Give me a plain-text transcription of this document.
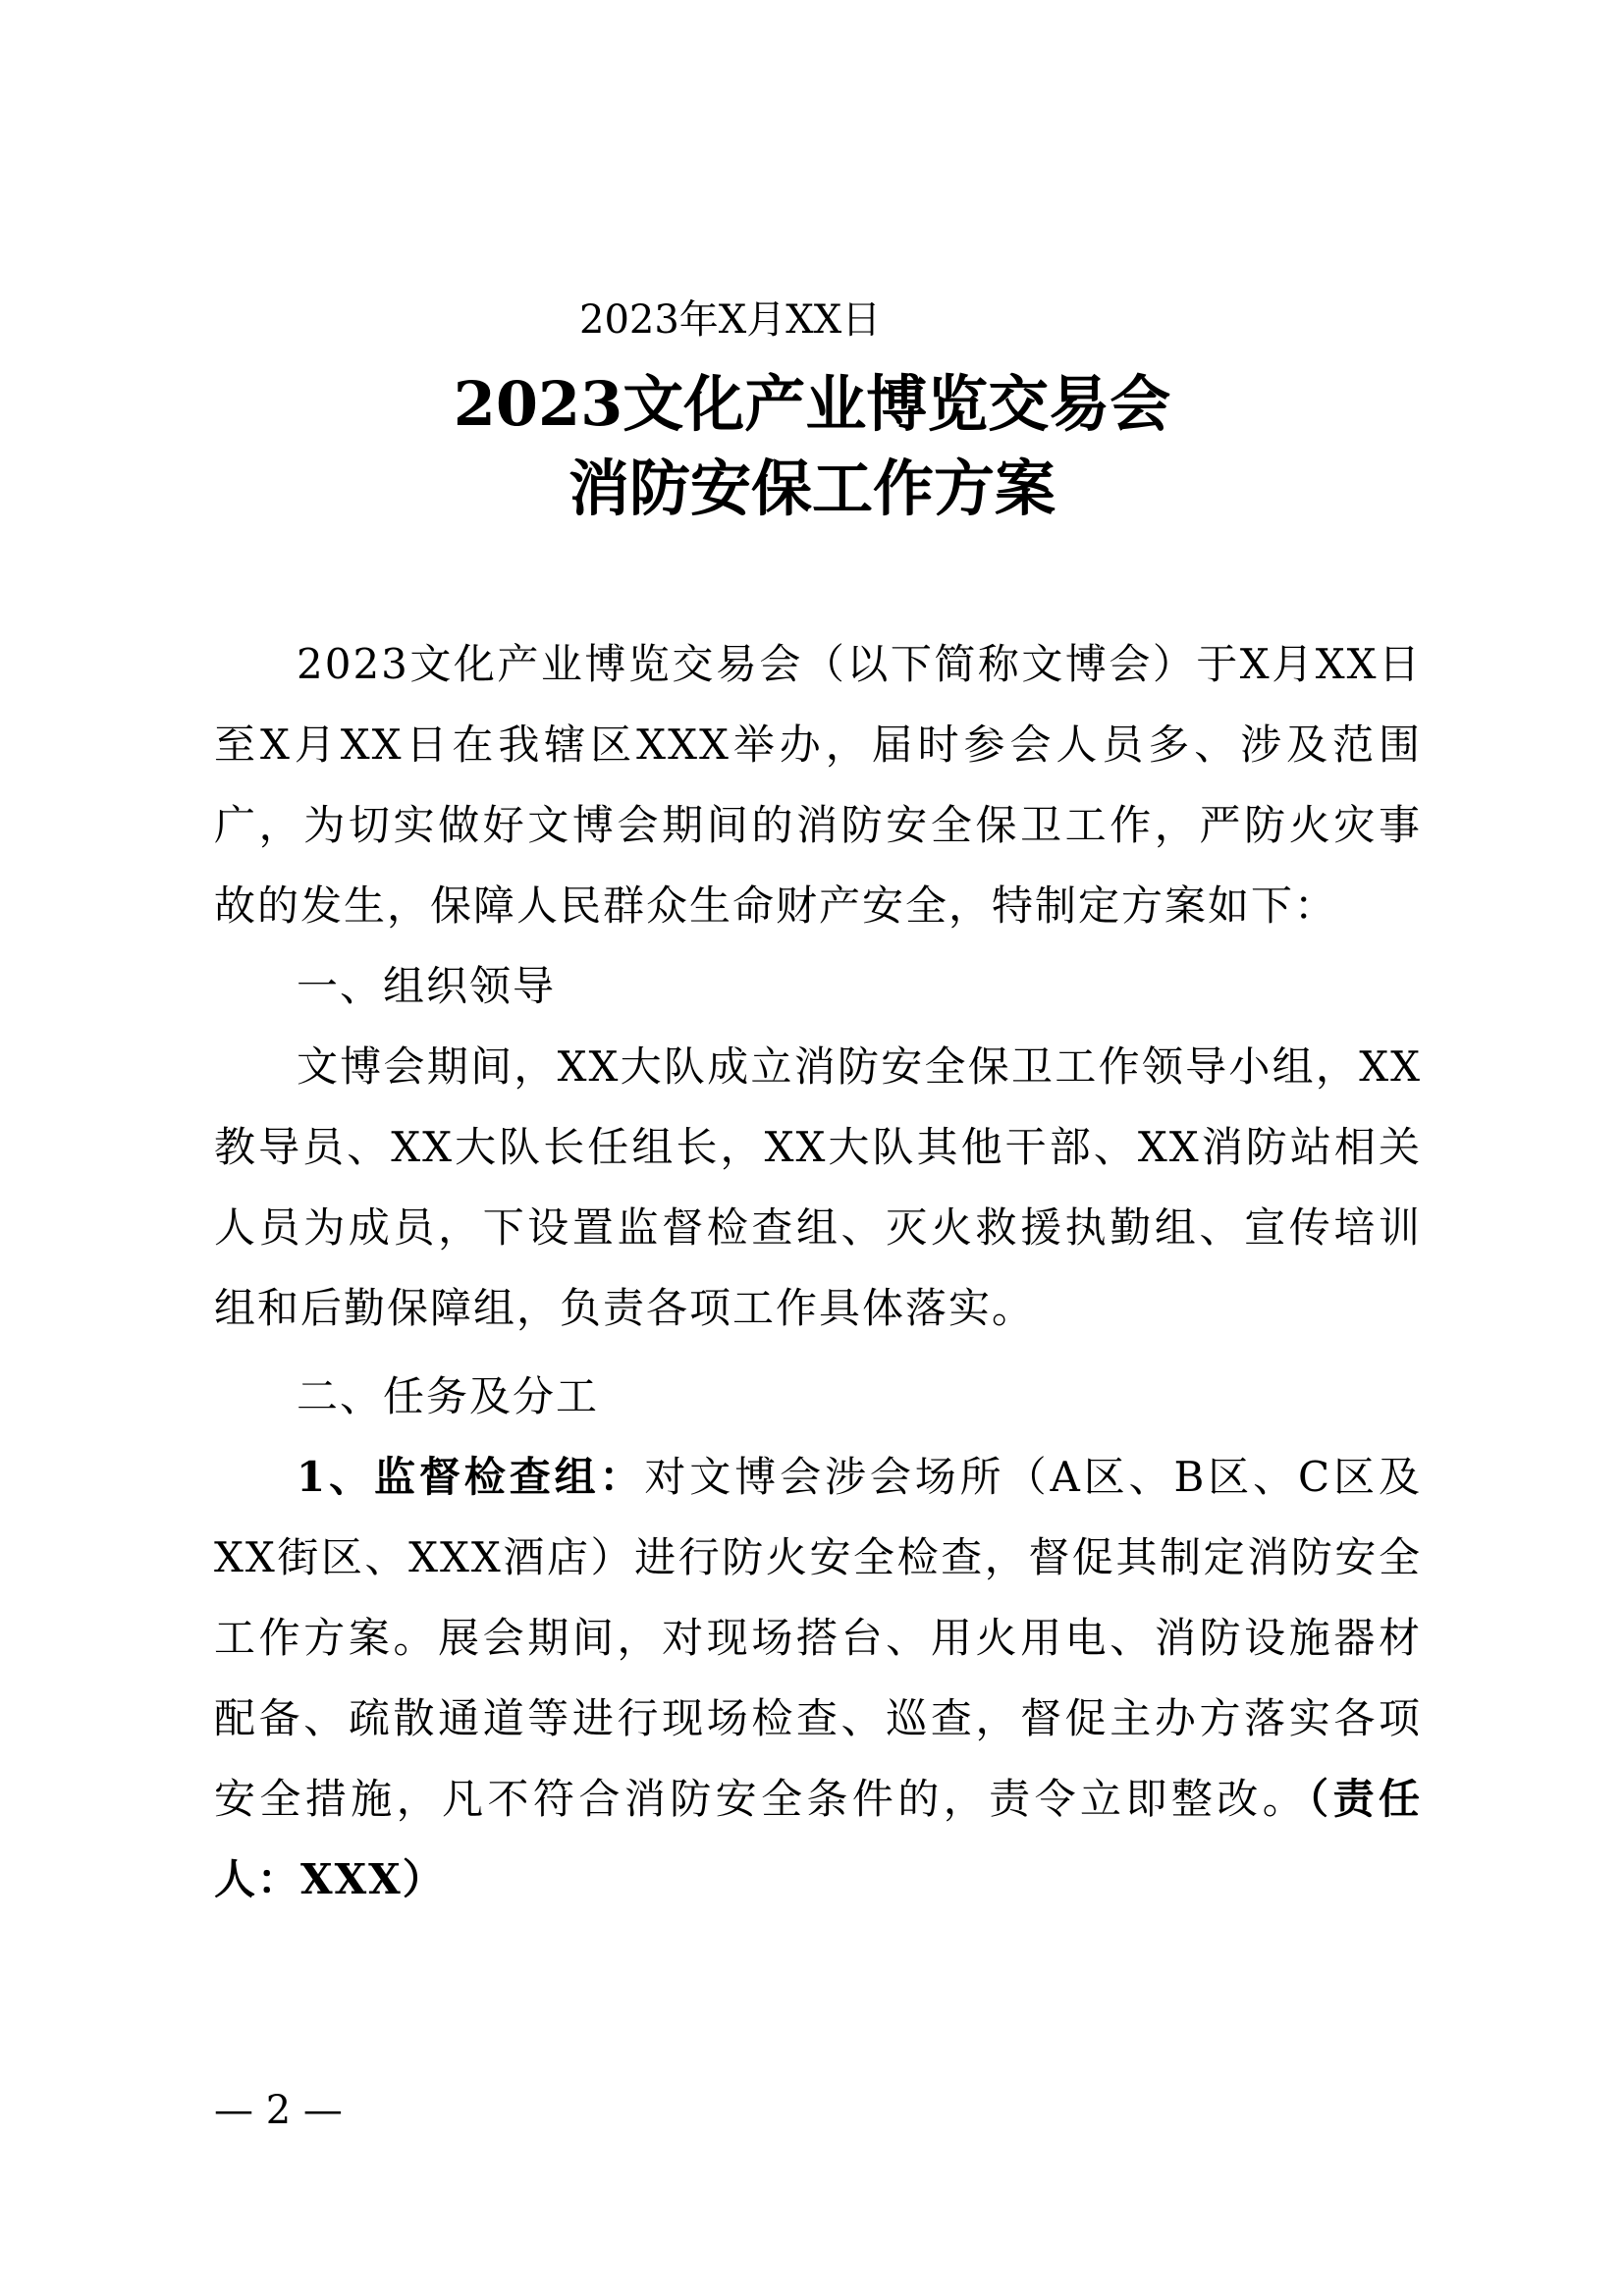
2023年X月XX日
2023文化产业博览交易会
消防安保工作方案

2023文化产业博览交易会（以下简称文博会）于X月XX日至X月XX日在我辖区XXX举办，届时参会人员多、涉及范围广，为切实做好文博会期间的消防安全保卫工作，严防火灾事故的发生，保障人民群众生命财产安全，特制定方案如下：

一、组织领导

文博会期间，XX大队成立消防安全保卫工作领导小组，XX教导员、XX大队长任组长，XX大队其他干部、XX消防站相关人员为成员，下设置监督检查组、灭火救援执勤组、宣传培训组和后勤保障组，负责各项工作具体落实。

二、任务及分工

1、监督检查组：对文博会涉会场所（A区、B区、C区及XX街区、XXX酒店）进行防火安全检查，督促其制定消防安全工作方案。展会期间，对现场搭台、用火用电、消防设施器材配备、疏散通道等进行现场检查、巡查，督促主办方落实各项安全措施，凡不符合消防安全条件的，责令立即整改。（责任人：XXX）

— 2 —
